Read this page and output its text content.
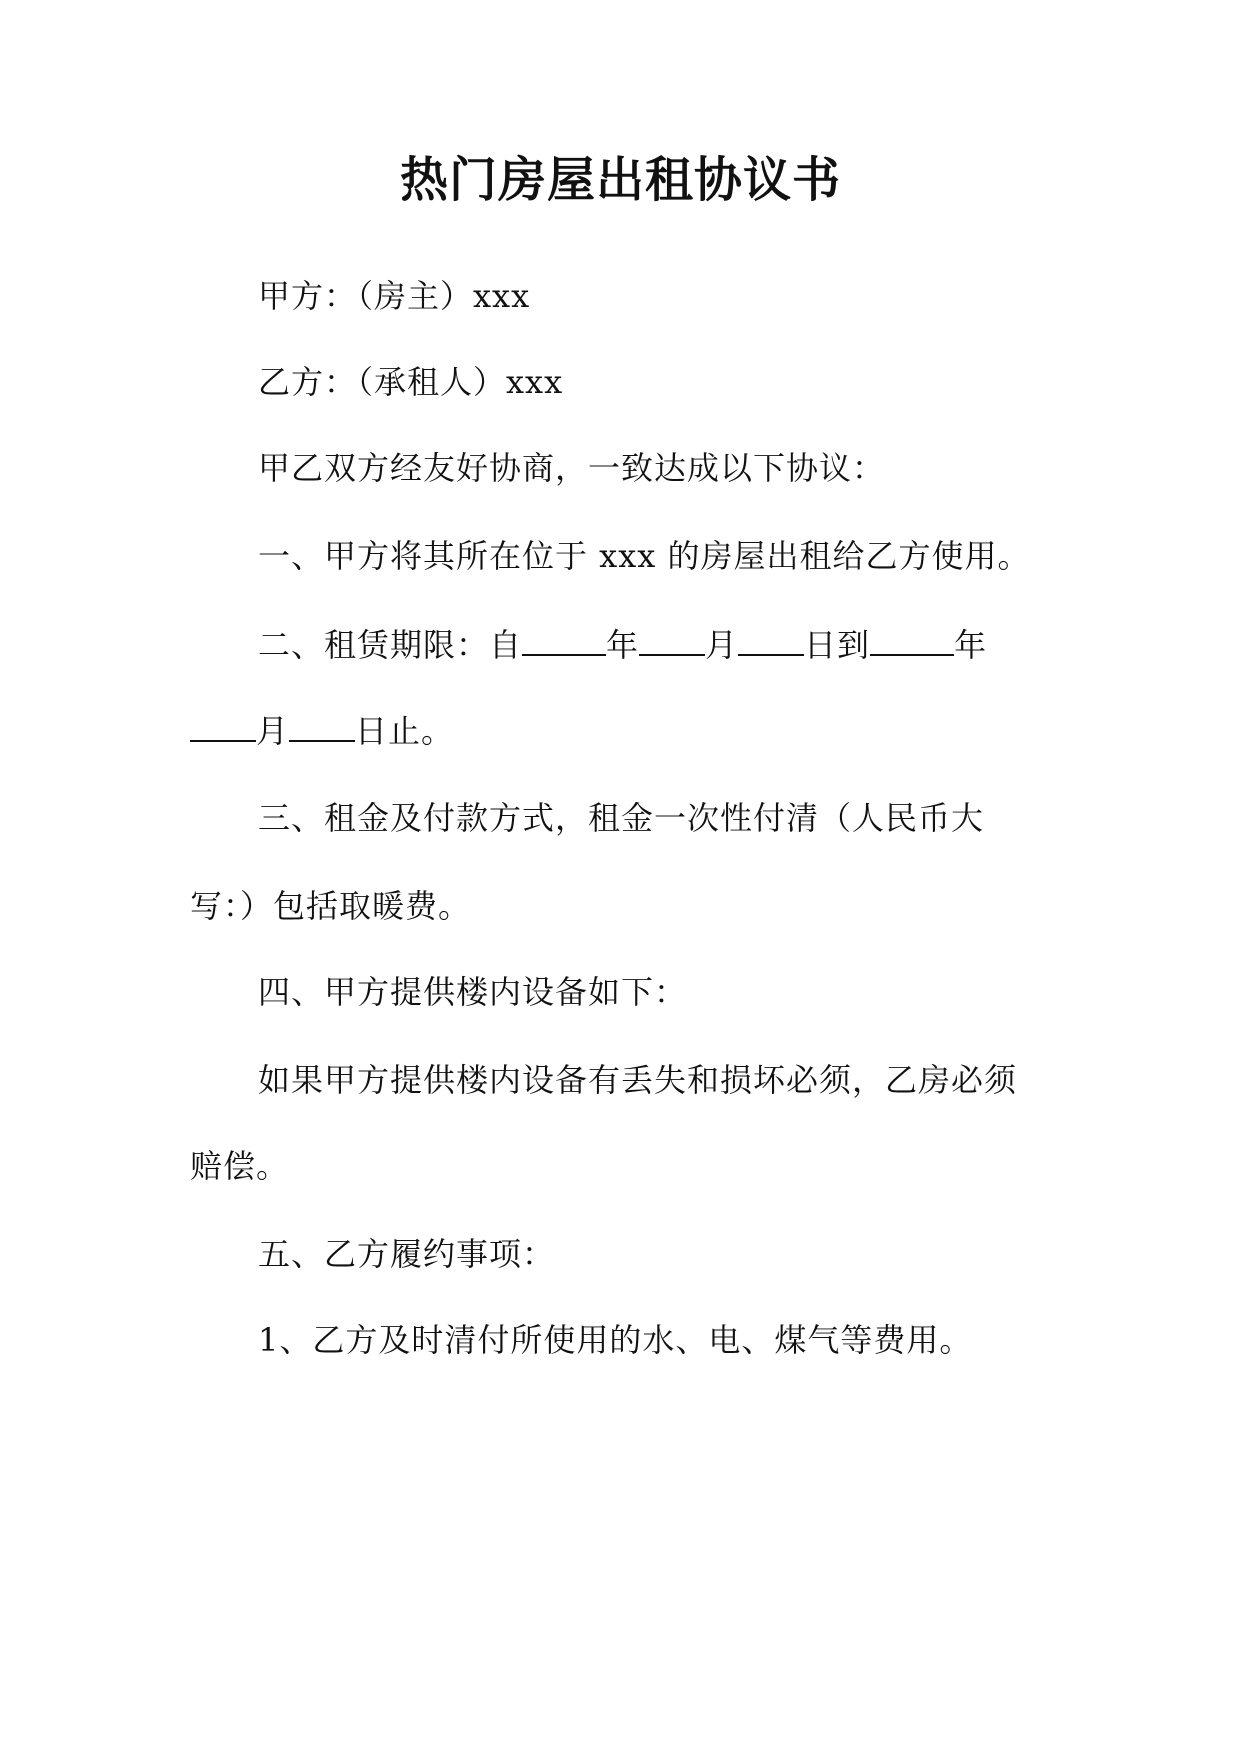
热门房屋出租协议书

甲方：（房主）xxx

乙方：（承租人）xxx

甲乙双方经友好协商，一致达成以下协议：

一、甲方将其所在位于 xxx 的房屋出租给乙方使用。

二、租赁期限：自	年 月 日到	年

月 日止。

三、租金及付款方式，租金一次性付清（人民币大

写：）包括取暖费。

四、甲方提供楼内设备如下：

如果甲方提供楼内设备有丢失和损坏必须，乙房必须

赔偿。

五、乙方履约事项：

1、乙方及时清付所使用的水、电、煤气等费用。
